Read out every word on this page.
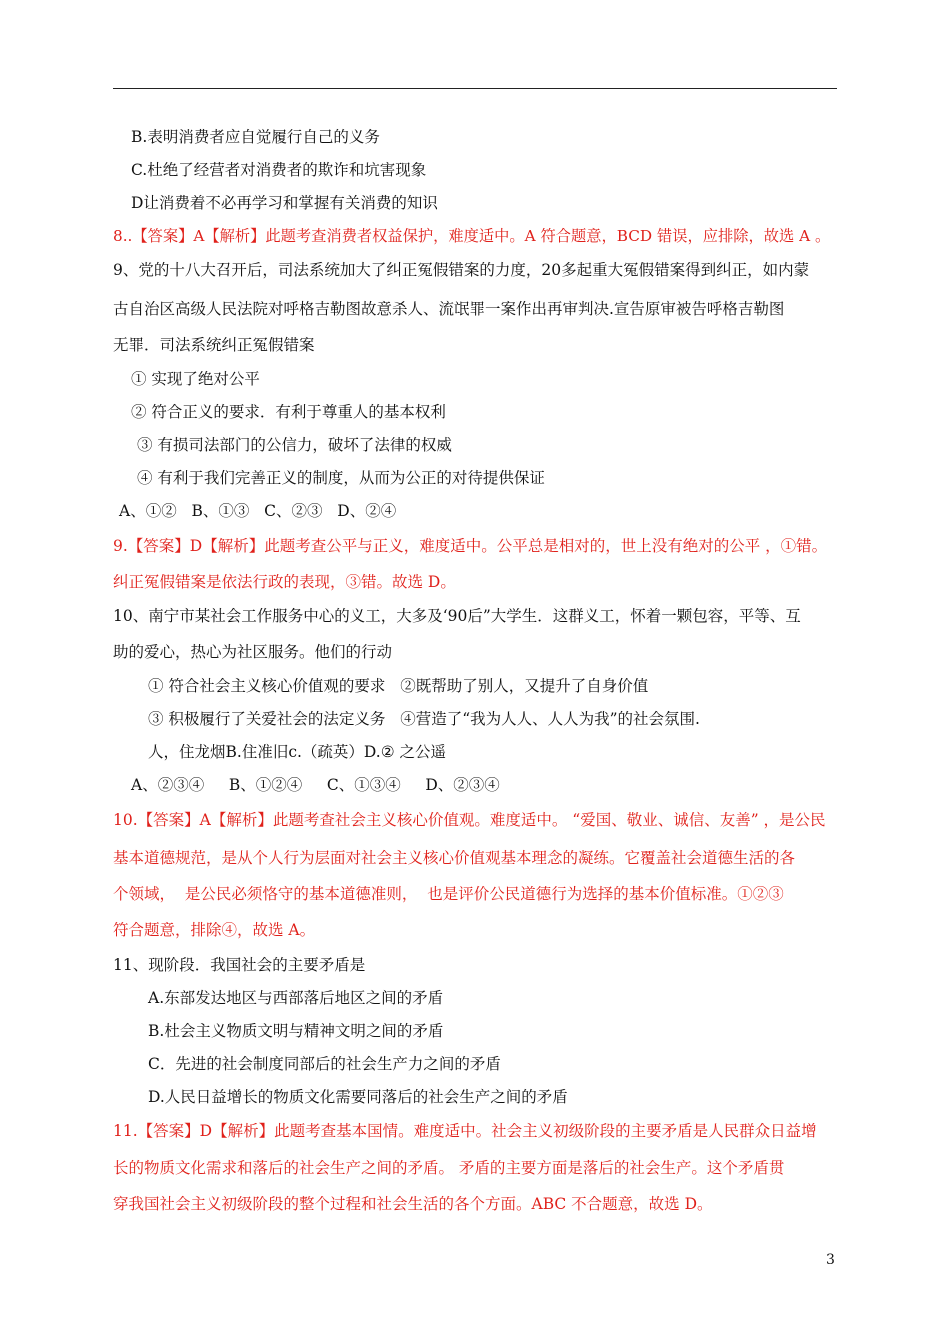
B.表明消费者应自觉履行自己的义务
C.杜绝了经营者对消费者的欺诈和坑害现象
D让消费着不必再学习和掌握有关消费的知识
8..【答案】A【解析】此题考查消费者权益保护，难度适中。A 符合题意，BCD 错误，应排除，故选 A 。
9、党的十八大召开后，司法系统加大了纠正冤假错案的力度，20多起重大冤假错案得到纠正，如内蒙
古自治区高级人民法院对呼格吉勒图故意杀人、流氓罪一案作出再审判决.宣告原审被告呼格吉勒图
无罪．司法系统纠正冤假错案
① 实现了绝对公平
② 符合正义的要求．有利于尊重人的基本权利
③ 有损司法部门的公信力，破坏了法律的权威
④ 有利于我们完善正义的制度，从而为公正的对待提供保证
A、①②   B、①③   C、②③   D、②④
9.【答案】D【解析】此题考查公平与正义，难度适中。公平总是相对的，世上没有绝对的公平 ，①错。
纠正冤假错案是依法行政的表现，③错。故选 D。
10、南宁市某社会工作服务中心的义工，大多及‘90后”大学生．这群义工，怀着一颗包容，平等、互
助的爱心，热心为社区服务。他们的行动
① 符合社会主义核心价值观的要求   ②既帮助了别人，又提升了自身价值
③ 积极履行了关爱社会的法定义务   ④营造了“我为人人、人人为我”的社会氛围.
人，住龙烟B.住准旧c.（疏英）D.② 之公遥
A、②③④     B、①②④     C、①③④     D、②③④
10.【答案】A【解析】此题考查社会主义核心价值观。难度适中。 “爱国、敬业、诚信、友善” ，是公民
基本道德规范，是从个人行为层面对社会主义核心价值观基本理念的凝练。它覆盖社会道德生活的各
个领域，  是公民必须恪守的基本道德准则，  也是评价公民道德行为选择的基本价值标准。①②③
符合题意，排除④，故选 A。
11、现阶段．我国社会的主要矛盾是
A.东部发达地区与西部落后地区之间的矛盾
B.杜会主义物质文明与精神文明之间的矛盾
C．先进的社会制度同部后的社会生产力之间的矛盾
D.人民日益增长的物质文化需要同落后的社会生产之间的矛盾
11.【答案】D【解析】此题考查基本国情。难度适中。社会主义初级阶段的主要矛盾是人民群众日益增
长的物质文化需求和落后的社会生产之间的矛盾。 矛盾的主要方面是落后的社会生产。这个矛盾贯
穿我国社会主义初级阶段的整个过程和社会生活的各个方面。ABC 不合题意，故选 D。
3
